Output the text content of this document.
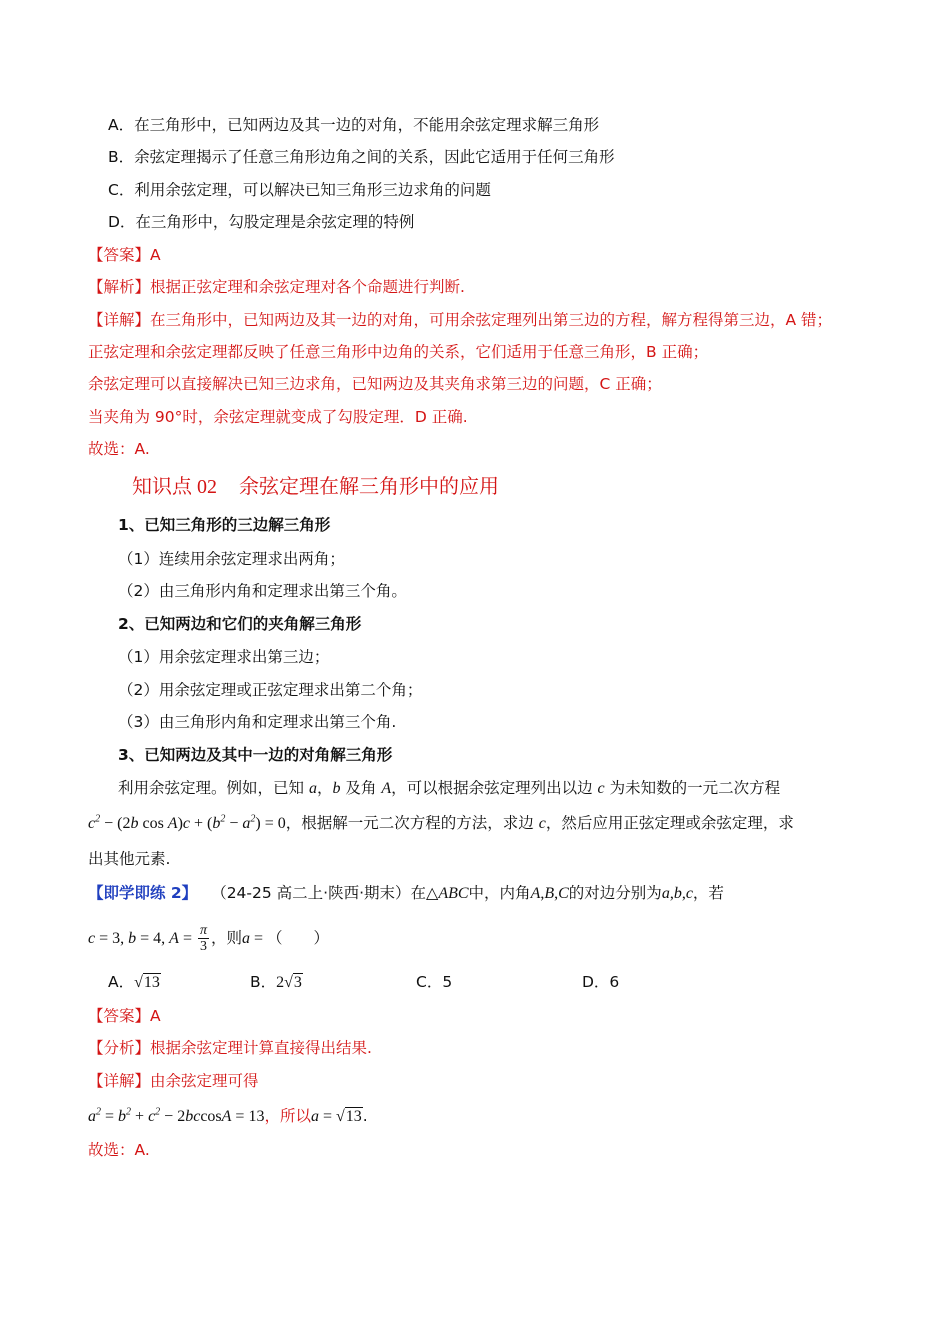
A．在三角形中，已知两边及其一边的对角，不能用余弦定理求解三角形
B．余弦定理揭示了任意三角形边角之间的关系，因此它适用于任何三角形
C．利用余弦定理，可以解决已知三角形三边求角的问题
D．在三角形中，勾股定理是余弦定理的特例
【答案】A
【解析】根据正弦定理和余弦定理对各个命题进行判断.
【详解】在三角形中，已知两边及其一边的对角，可用余弦定理列出第三边的方程，解方程得第三边，A 错；
正弦定理和余弦定理都反映了任意三角形中边角的关系，它们适用于任意三角形，B 正确；
余弦定理可以直接解决已知三边求角，已知两边及其夹角求第三边的问题，C 正确；
当夹角为 90°时，余弦定理就变成了勾股定理．D 正确.
故选：A.
知识点 02 余弦定理在解三角形中的应用
1、已知三角形的三边解三角形
（1）连续用余弦定理求出两角；
（2）由三角形内角和定理求出第三个角。
2、已知两边和它们的夹角解三角形
（1）用余弦定理求出第三边；
（2）用余弦定理或正弦定理求出第二个角；
（3）由三角形内角和定理求出第三个角.
3、已知两边及其中一边的对角解三角形
利用余弦定理。例如，已知 a，b 及角 A，可以根据余弦定理列出以边 c 为未知数的一元二次方程
$c^2 - (2b$ $\cos A)c + (b^2 - a^2) = 0$，根据解一元二次方程的方法，求边 c，然后应用正弦定理或余弦定理，求
出其他元素.
【即学即练 2】 （24-25 高二上·陕西·期末）在△ABC中，内角A,B,C的对边分别为a,b,c，若
c = 3, b = 4, $A = \frac{\pi}{3}$ ，则a = （　　）
A．√13	B．2√3	C．5	D．6
【答案】A
【分析】根据余弦定理计算直接得出结果.
【详解】由余弦定理可得
$a^2 = b^2 + c^2 - 2bccosA = 13$，所以a = √13.
故选：A.
